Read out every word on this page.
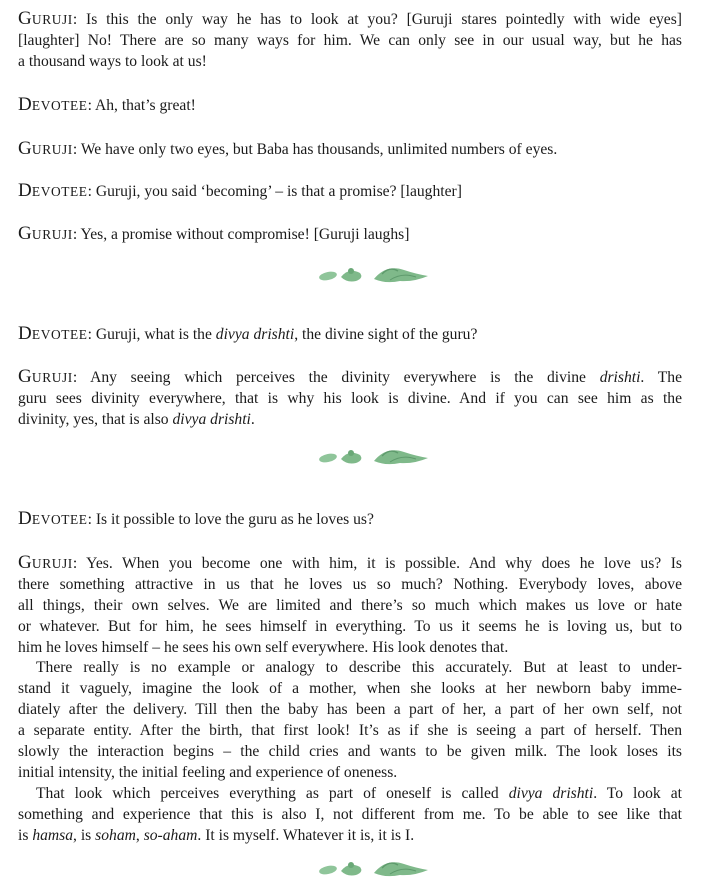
GURUJI: Is this the only way he has to look at you? [Guruji stares pointedly with wide eyes]
[laughter] No! There are so many ways for him. We can only see in our usual way, but he has
a thousand ways to look at us!
DEVOTEE: Ah, that’s great!
GURUJI: We have only two eyes, but Baba has thousands, unlimited numbers of eyes.
DEVOTEE: Guruji, you said ‘becoming’ – is that a promise? [laughter]
GURUJI: Yes, a promise without compromise! [Guruji laughs]
DEVOTEE: Guruji, what is the divya drishti, the divine sight of the guru?
GURUJI: Any seeing which perceives the divinity everywhere is the divine drishti. The
guru sees divinity everywhere, that is why his look is divine. And if you can see him as the
divinity, yes, that is also divya drishti.
DEVOTEE: Is it possible to love the guru as he loves us?
GURUJI: Yes. When you become one with him, it is possible. And why does he love us? Is
there something attractive in us that he loves us so much? Nothing. Everybody loves, above
all things, their own selves. We are limited and there’s so much which makes us love or hate
or whatever. But for him, he sees himself in everything. To us it seems he is loving us, but to
him he loves himself – he sees his own self everywhere. His look denotes that.
There really is no example or analogy to describe this accurately. But at least to under-
stand it vaguely, imagine the look of a mother, when she looks at her newborn baby imme-
diately after the delivery. Till then the baby has been a part of her, a part of her own self, not
a separate entity. After the birth, that first look! It’s as if she is seeing a part of herself. Then
slowly the interaction begins – the child cries and wants to be given milk. The look loses its
initial intensity, the initial feeling and experience of oneness.
That look which perceives everything as part of oneself is called divya drishti. To look at
something and experience that this is also I, not different from me. To be able to see like that
is hamsa, is soham, so-aham. It is myself. Whatever it is, it is I.
